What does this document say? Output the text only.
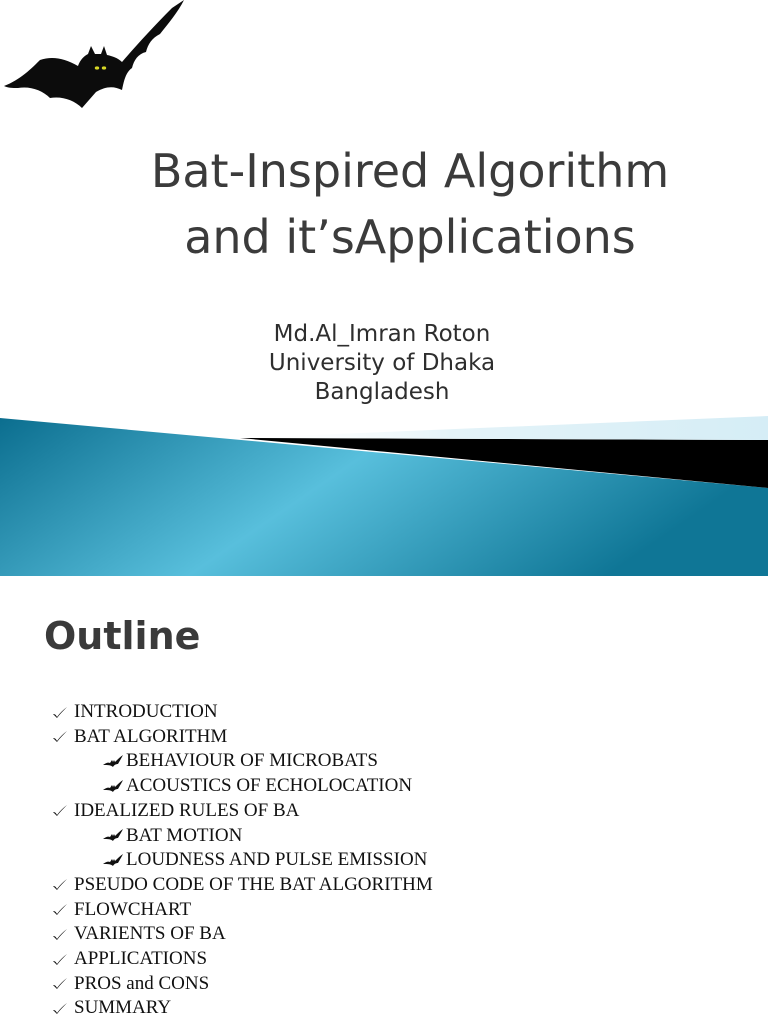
Bat-Inspired Algorithm
and it’sApplications
Md.Al_Imran Roton
University of Dhaka
Bangladesh
Outline
INTRODUCTION
BAT ALGORITHM
BEHAVIOUR OF MICROBATS
ACOUSTICS OF ECHOLOCATION
IDEALIZED RULES OF BA
BAT MOTION
LOUDNESS AND PULSE EMISSION
PSEUDO CODE OF THE BAT ALGORITHM
FLOWCHART
VARIENTS OF BA
APPLICATIONS
PROS and CONS
SUMMARY
